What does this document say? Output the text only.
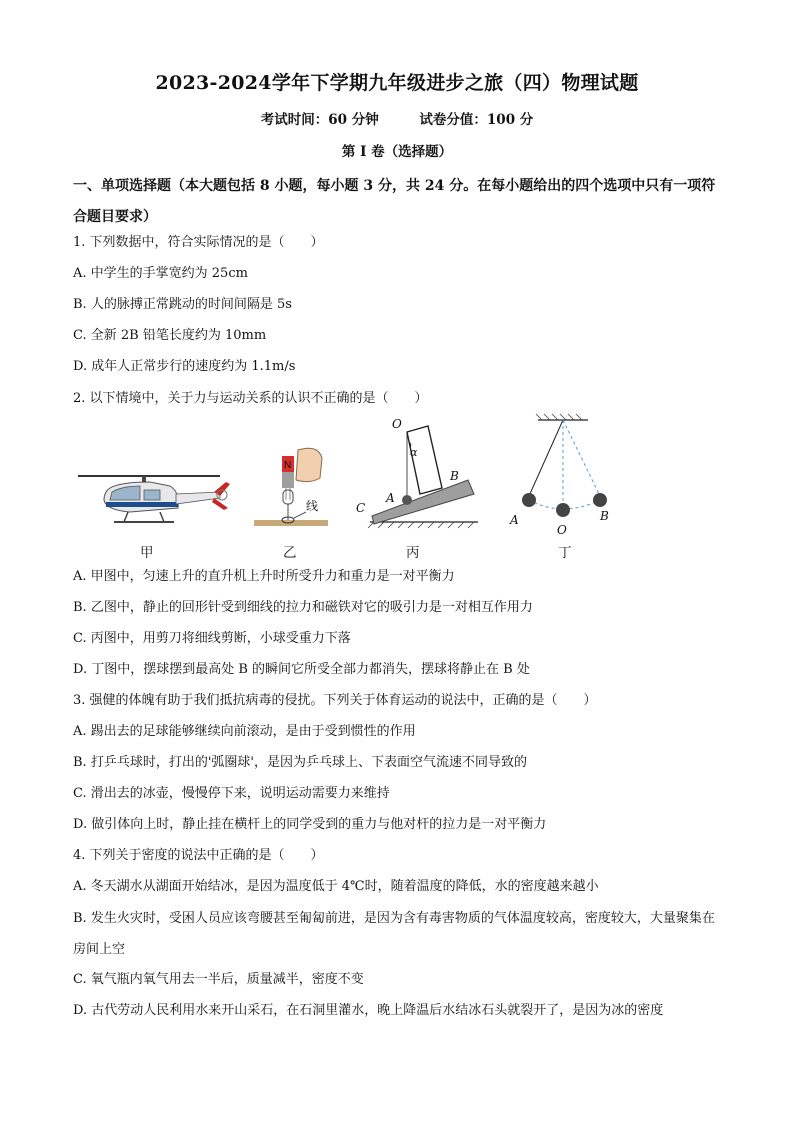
2023-2024学年下学期九年级进步之旅（四）物理试题
考试时间：60 分钟	试卷分值：100 分
第 I 卷（选择题）
一、单项选择题（本大题包括 8 小题，每小题 3 分，共 24 分。在每小题给出的四个选项中只有一项符合题目要求）
1. 下列数据中，符合实际情况的是（　　）
A. 中学生的手掌宽约为 25cm
B. 人的脉搏正常跳动的时间间隔是 5s
C. 全新 2B 铅笔长度约为 10mm
D. 成年人正常步行的速度约为 1.1m/s
2. 以下情境中，关于力与运动关系的认识不正确的是（　　）
N
线
O
α
A
B
C
A
O
B
甲	乙	丙	丁
A. 甲图中，匀速上升的直升机上升时所受升力和重力是一对平衡力
B. 乙图中，静止的回形针受到细线的拉力和磁铁对它的吸引力是一对相互作用力
C. 丙图中，用剪刀将细线剪断，小球受重力下落
D. 丁图中，摆球摆到最高处 B 的瞬间它所受全部力都消失，摆球将静止在 B 处
3. 强健的体魄有助于我们抵抗病毒的侵扰。下列关于体育运动的说法中，正确的是（　　）
A. 踢出去的足球能够继续向前滚动，是由于受到惯性的作用
B. 打乒乓球时，打出的'弧圈球'，是因为乒乓球上、下表面空气流速不同导致的
C. 滑出去的冰壶，慢慢停下来，说明运动需要力来维持
D. 做引体向上时，静止挂在横杆上的同学受到的重力与他对杆的拉力是一对平衡力
4. 下列关于密度的说法中正确的是（　　）
A. 冬天湖水从湖面开始结冰，是因为温度低于 4℃时，随着温度的降低，水的密度越来越小
B. 发生火灾时，受困人员应该弯腰甚至匍匐前进，是因为含有毒害物质的气体温度较高，密度较大，大量聚集在房间上空
C. 氧气瓶内氧气用去一半后，质量减半，密度不变
D. 古代劳动人民利用水来开山采石，在石洞里灌水，晚上降温后水结冰石头就裂开了，是因为冰的密度
